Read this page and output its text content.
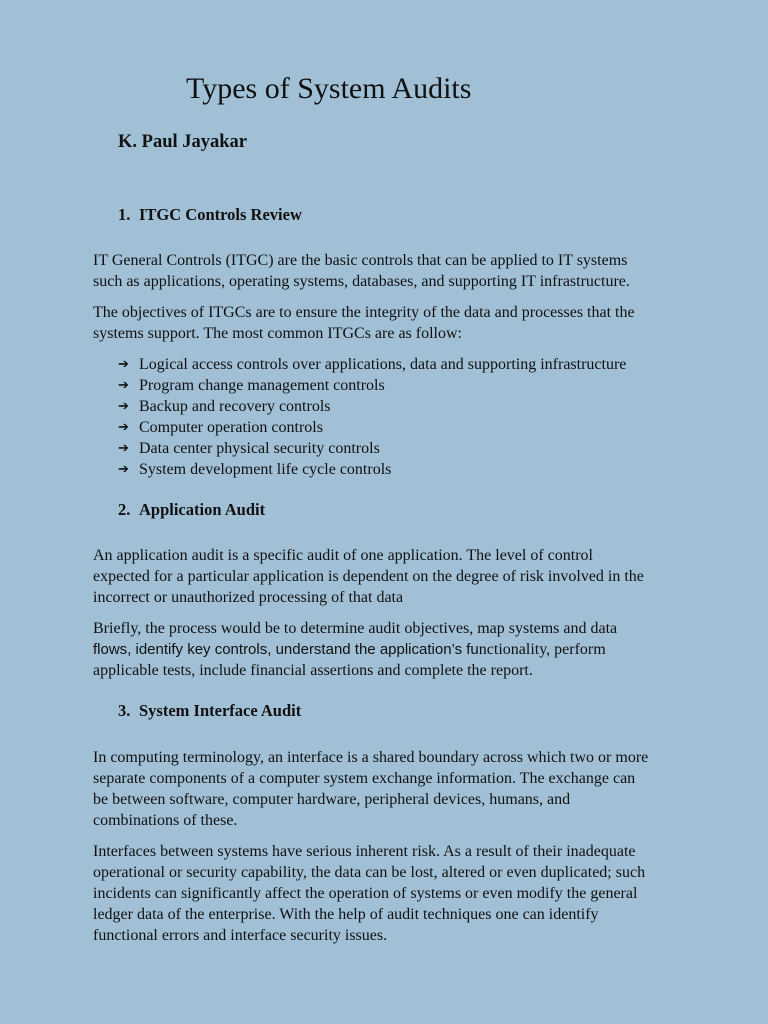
Types of System Audits
K. Paul Jayakar
1. ITGC Controls Review

IT General Controls (ITGC) are the basic controls that can be applied to IT systems
such as applications, operating systems, databases, and supporting IT infrastructure.

The objectives of ITGCs are to ensure the integrity of the data and processes that the
systems support. The most common ITGCs are as follow:

➔ Logical access controls over applications, data and supporting infrastructure
➔ Program change management controls
➔ Backup and recovery controls
➔ Computer operation controls
➔ Data center physical security controls
➔ System development life cycle controls
2. Application Audit

An application audit is a specific audit of one application. The level of control
expected for a particular application is dependent on the degree of risk involved in the
incorrect or unauthorized processing of that data

Briefly, the process would be to determine audit objectives, map systems and data
flows, identify key controls, understand the application’s functionality, perform
applicable tests, include financial assertions and complete the report.

3. System Interface Audit

In computing terminology, an interface is a shared boundary across which two or more
separate components of a computer system exchange information. The exchange can
be between software, computer hardware, peripheral devices, humans, and
combinations of these.

Interfaces between systems have serious inherent risk. As a result of their inadequate
operational or security capability, the data can be lost, altered or even duplicated; such
incidents can significantly affect the operation of systems or even modify the general
ledger data of the enterprise. With the help of audit techniques one can identify
functional errors and interface security issues.
